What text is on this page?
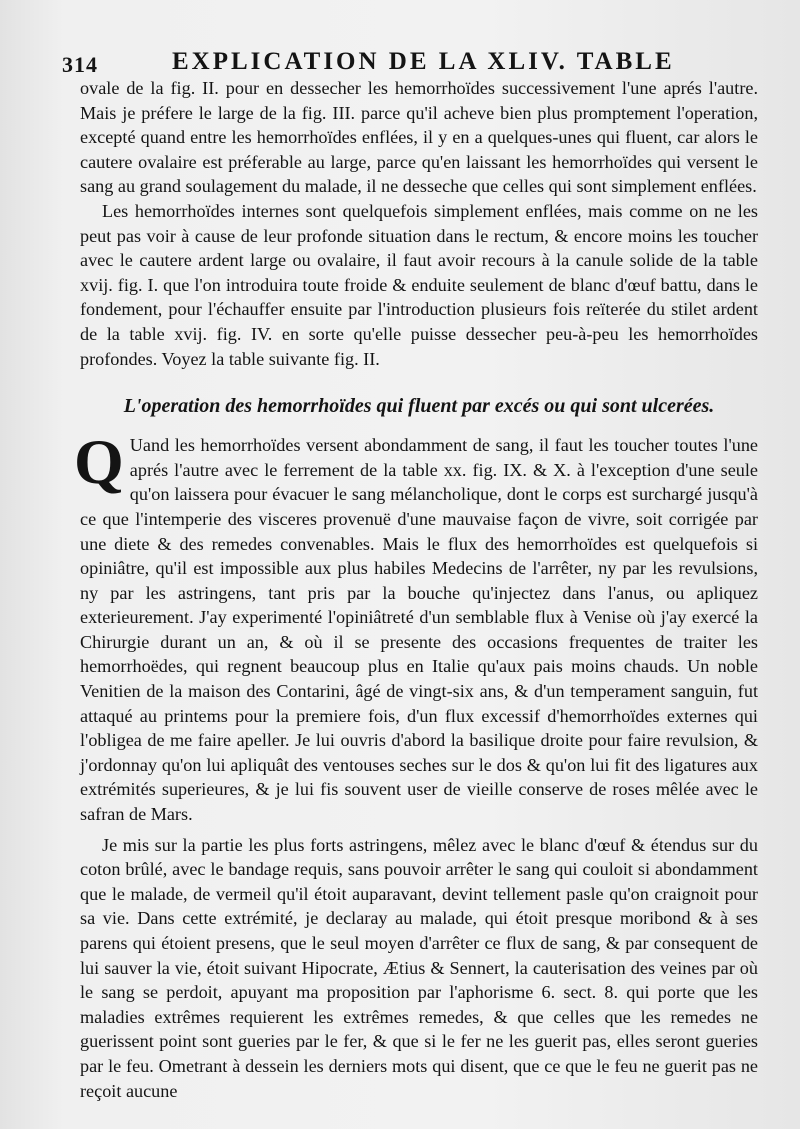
314	EXPLICATION DE LA XLIV. TABLE

ovale de la fig. II. pour en dessecher les hemorrhoïdes successivement l'une aprés l'autre. Mais je préfere le large de la fig. III. parce qu'il acheve bien plus promptement l'operation, excepté quand entre les hemorrhoïdes enflées, il y en a quelques-unes qui fluent, car alors le cautere ovalaire est préferable au large, parce qu'en laissant les hemorrhoïdes qui versent le sang au grand soulagement du malade, il ne desseche que celles qui sont simplement enflées.

Les hemorrhoïdes internes sont quelquefois simplement enflées, mais comme on ne les peut pas voir à cause de leur profonde situation dans le rectum, & encore moins les toucher avec le cautere ardent large ou ovalaire, il faut avoir recours à la canule solide de la table xvij. fig. I. que l'on introduira toute froide & enduite seulement de blanc d'œuf battu, dans le fondement, pour l'échauffer ensuite par l'introduction plusieurs fois reïterée du stilet ardent de la table xvij. fig. IV. en sorte qu'elle puisse dessecher peu-à-peu les hemorrhoïdes profondes. Voyez la table suivante fig. II.

L'operation des hemorrhoïdes qui fluent par excés ou qui sont ulcerées.

Q Uand les hemorrhoïdes versent abondamment de sang, il faut les toucher toutes l'une aprés l'autre avec le ferrement de la table xx. fig. IX. & X. à l'exception d'une seule qu'on laissera pour évacuer le sang mélancholique, dont le corps est surchargé jusqu'à ce que l'intemperie des visceres provenuë d'une mauvaise façon de vivre, soit corrigée par une diete & des remedes convenables. Mais le flux des hemorrhoïdes est quelquefois si opiniâtre, qu'il est impossible aux plus habiles Medecins de l'arrêter, ny par les revulsions, ny par les astringens, tant pris par la bouche qu'injectez dans l'anus, ou apliquez exterieurement. J'ay experimenté l'opiniâtreté d'un semblable flux à Venise où j'ay exercé la Chirurgie durant un an, & où il se presente des occasions frequentes de traiter les hemorrhoëdes, qui regnent beaucoup plus en Italie qu'aux pais moins chauds. Un noble Venitien de la maison des Contarini, âgé de vingt-six ans, & d'un temperament sanguin, fut attaqué au printems pour la premiere fois, d'un flux excessif d'hemorrhoïdes externes qui l'obligea de me faire apeller. Je lui ouvris d'abord la basilique droite pour faire revulsion, & j'ordonnay qu'on lui apliquât des ventouses seches sur le dos & qu'on lui fit des ligatures aux extrémités superieures, & je lui fis souvent user de vieille conserve de roses mêlée avec le safran de Mars.

Je mis sur la partie les plus forts astringens, mêlez avec le blanc d'œuf & étendus sur du coton brûlé, avec le bandage requis, sans pouvoir arrêter le sang qui couloit si abondamment que le malade, de vermeil qu'il étoit auparavant, devint tellement pasle qu'on craignoit pour sa vie. Dans cette extrémité, je declaray au malade, qui étoit presque moribond & à ses parens qui étoient presens, que le seul moyen d'arrêter ce flux de sang, & par consequent de lui sauver la vie, étoit suivant Hipocrate, Ætius & Sennert, la cauterisation des veines par où le sang se perdoit, apuyant ma proposition par l'aphorisme 6. sect. 8. qui porte que les maladies extrêmes requierent les extrêmes remedes, & que celles que les remedes ne guerissent point sont gueries par le fer, & que si le fer ne les guerit pas, elles seront gueries par le feu. Ometrant à dessein les derniers mots qui disent, que ce que le feu ne guerit pas ne reçoit aucune
